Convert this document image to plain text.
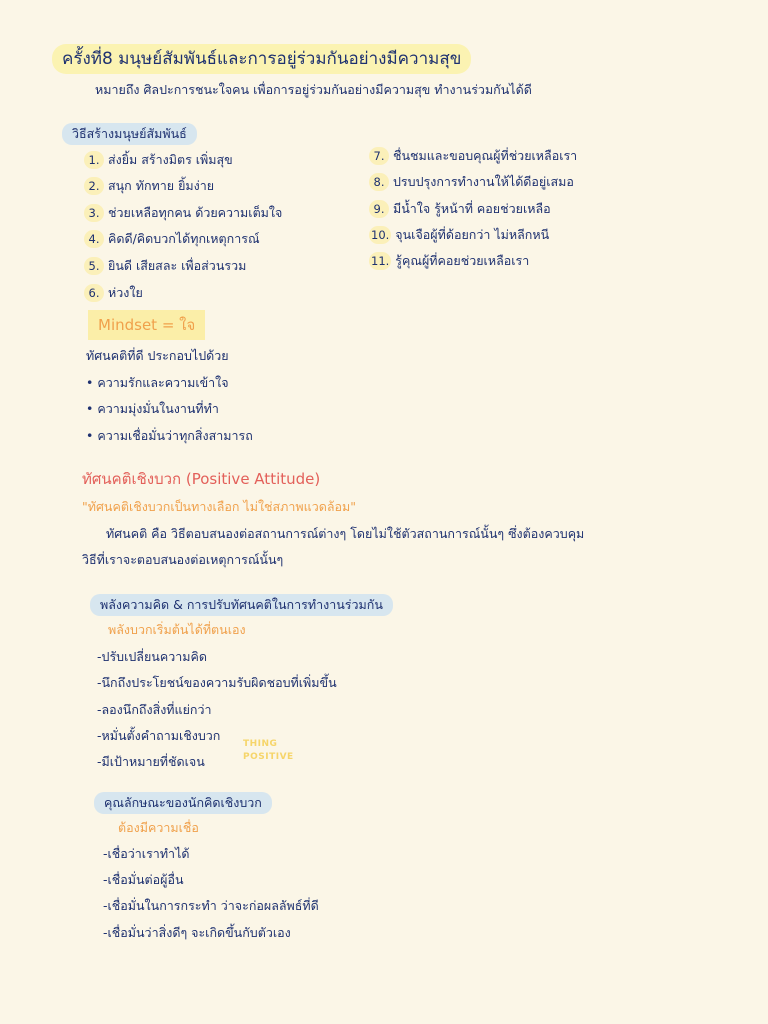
ครั้งที่8 มนุษย์สัมพันธ์และการอยู่ร่วมกันอย่างมีความสุข
หมายถึง ศิลปะการชนะใจคน เพื่อการอยู่ร่วมกันอย่างมีความสุข ทำงานร่วมกันได้ดี
วิธีสร้างมนุษย์สัมพันธ์
1. ส่งยิ้ม สร้างมิตร เพิ่มสุข
2. สนุก ทักทาย ยิ้มง่าย
3. ช่วยเหลือทุกคน ด้วยความเต็มใจ
4. คิดดี/คิดบวกได้ทุกเหตุการณ์
5. ยินดี เสียสละ เพื่อส่วนรวม
6. ห่วงใย
7. ชื่นชมและขอบคุณผู้ที่ช่วยเหลือเรา
8. ปรบปรุงการทำงานให้ได้ดีอยู่เสมอ
9. มีน้ำใจ รู้หน้าที่ คอยช่วยเหลือ
10. จุนเจือผู้ที่ด้อยกว่า ไม่หลีกหนี
11. รู้คุณผู้ที่คอยช่วยเหลือเรา
Mindset = ใจ
ทัศนคติที่ดี ประกอบไปด้วย
• ความรักและความเข้าใจ
• ความมุ่งมั่นในงานที่ทำ
• ความเชื่อมั่นว่าทุกสิ่งสามารถ
ทัศนคติเชิงบวก (Positive Attitude)
"ทัศนคติเชิงบวกเป็นทางเลือก ไม่ใช่สภาพแวดล้อม"
ทัศนคติ คือ วิธีตอบสนองต่อสถานการณ์ต่างๆ โดยไม่ใช้ตัวสถานการณ์นั้นๆ ซึ่งต้องควบคุม
วิธีที่เราจะตอบสนองต่อเหตุการณ์นั้นๆ
พลังความคิด & การปรับทัศนคติในการทำงานร่วมกัน
พลังบวกเริ่มต้นได้ที่ตนเอง
-ปรับเปลี่ยนความคิด
-นึกถึงประโยชน์ของความรับผิดชอบที่เพิ่มขึ้น
-ลองนึกถึงสิ่งที่แย่กว่า
-หมั่นตั้งคำถามเชิงบวก
-มีเป้าหมายที่ชัดเจน
THING
POSITIVE
คุณลักษณะของนักคิดเชิงบวก
ต้องมีความเชื่อ
-เชื่อว่าเราทำได้
-เชื่อมั่นต่อผู้อื่น
-เชื่อมั่นในการกระทำ ว่าจะก่อผลลัพธ์ที่ดี
-เชื่อมั่นว่าสิ่งดีๆ จะเกิดขึ้นกับตัวเอง
